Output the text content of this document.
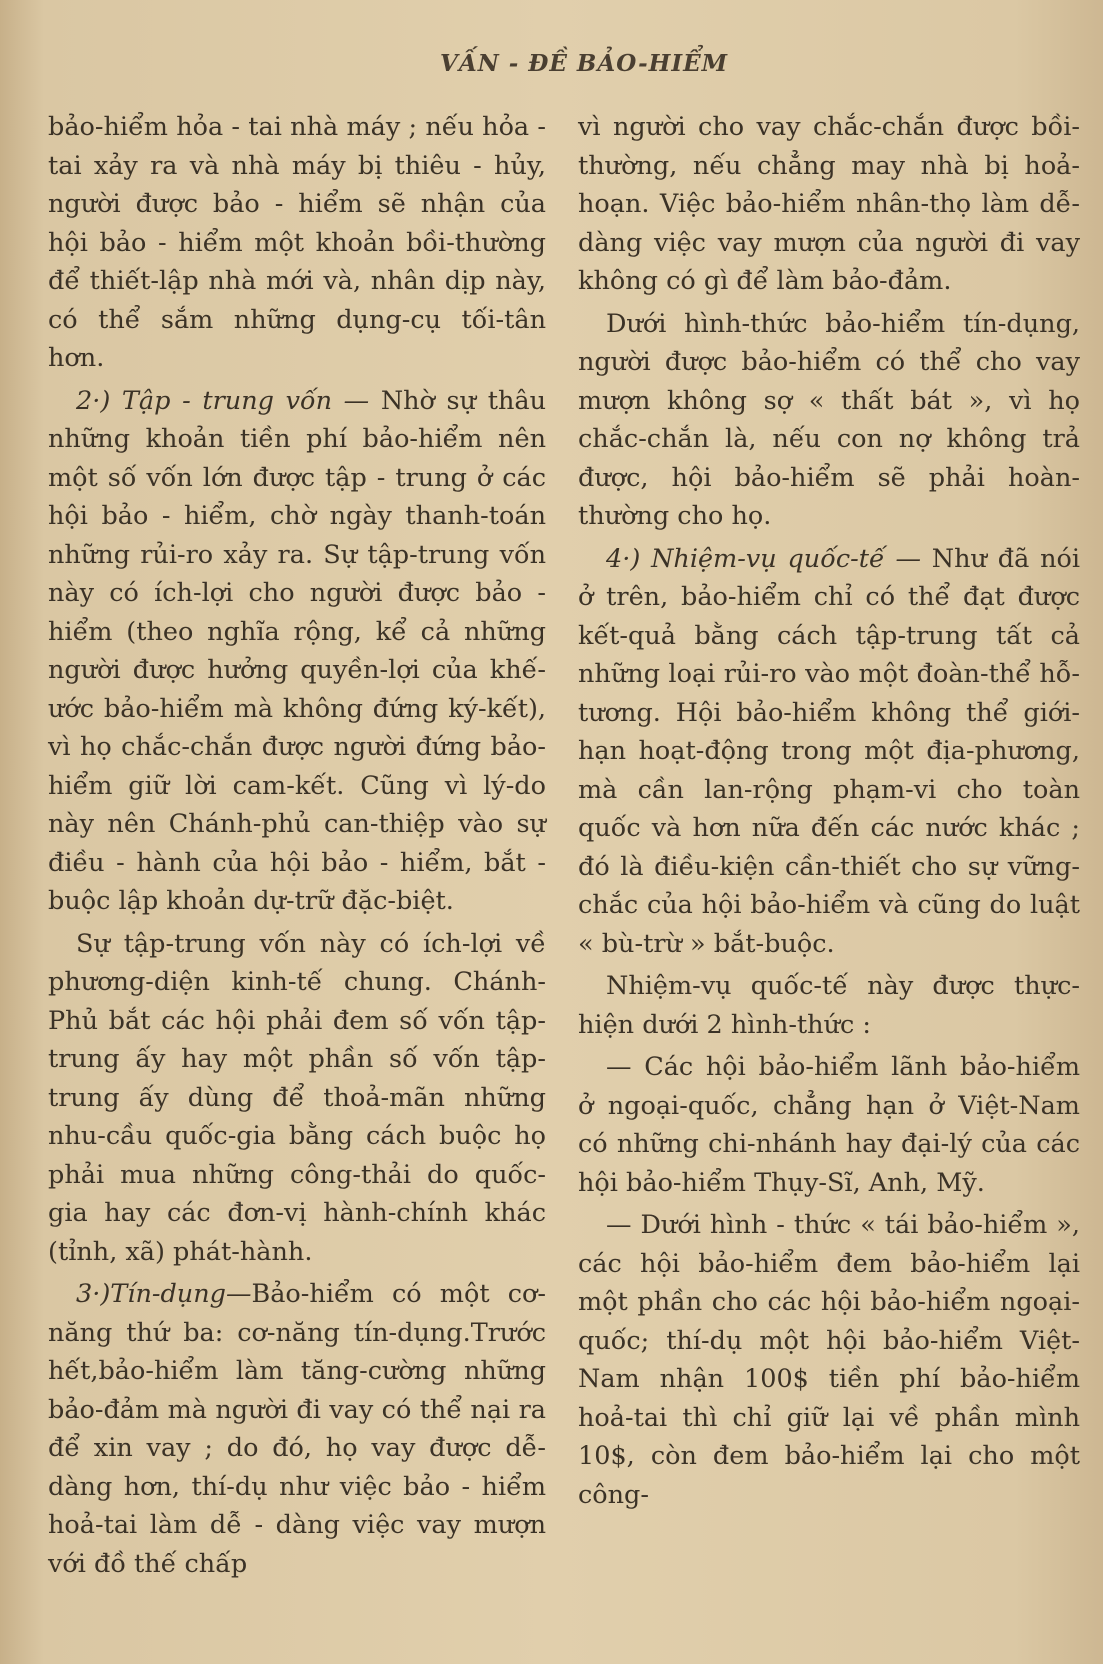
VẤN - ĐỀ BẢO-HIỂM

bảo-hiểm hỏa - tai nhà máy ; nếu hỏa - tai xảy ra và nhà máy bị thiêu - hủy, người được bảo - hiểm sẽ nhận của hội bảo - hiểm một khoản bồi-thường để thiết-lập nhà mới và, nhân dịp này, có thể sắm những dụng-cụ tối-tân hơn.

2·) Tập - trung vốn — Nhờ sự thâu những khoản tiền phí bảo-hiểm nên một số vốn lớn được tập - trung ở các hội bảo - hiểm, chờ ngày thanh-toán những rủi-ro xảy ra. Sự tập-trung vốn này có ích-lợi cho người được bảo - hiểm (theo nghĩa rộng, kể cả những người được hưởng quyền-lợi của khế-ước bảo-hiểm mà không đứng ký-kết), vì họ chắc-chắn được người đứng bảo-hiểm giữ lời cam-kết. Cũng vì lý-do này nên Chánh-phủ can-thiệp vào sự điều - hành của hội bảo - hiểm, bắt - buộc lập khoản dự-trữ đặc-biệt.

Sự tập-trung vốn này có ích-lợi về phương-diện kinh-tế chung. Chánh-Phủ bắt các hội phải đem số vốn tập-trung ấy hay một phần số vốn tập-trung ấy dùng để thoả-mãn những nhu-cầu quốc-gia bằng cách buộc họ phải mua những công-thải do quốc-gia hay các đơn-vị hành-chính khác (tỉnh, xã) phát-hành.

3·)Tín-dụng—Bảo-hiểm có một cơ-năng thứ ba: cơ-năng tín-dụng.Trước hết,bảo-hiểm làm tăng-cường những bảo-đảm mà người đi vay có thể nại ra để xin vay ; do đó, họ vay được dễ-dàng hơn, thí-dụ như việc bảo - hiểm hoả-tai làm dễ - dàng việc vay mượn với đồ thế chấp

vì người cho vay chắc-chắn được bồi-thường, nếu chẳng may nhà bị hoả-hoạn. Việc bảo-hiểm nhân-thọ làm dễ-dàng việc vay mượn của người đi vay không có gì để làm bảo-đảm.

Dưới hình-thức bảo-hiểm tín-dụng, người được bảo-hiểm có thể cho vay mượn không sợ « thất bát », vì họ chắc-chắn là, nếu con nợ không trả được, hội bảo-hiểm sẽ phải hoàn-thường cho họ.

4·) Nhiệm-vụ quốc-tế — Như đã nói ở trên, bảo-hiểm chỉ có thể đạt được kết-quả bằng cách tập-trung tất cả những loại rủi-ro vào một đoàn-thể hỗ-tương. Hội bảo-hiểm không thể giới-hạn hoạt-động trong một địa-phương, mà cần lan-rộng phạm-vi cho toàn quốc và hơn nữa đến các nước khác ; đó là điều-kiện cần-thiết cho sự vững-chắc của hội bảo-hiểm và cũng do luật « bù-trừ » bắt-buộc.

Nhiệm-vụ quốc-tế này được thực-hiện dưới 2 hình-thức :

— Các hội bảo-hiểm lãnh bảo-hiểm ở ngoại-quốc, chẳng hạn ở Việt-Nam có những chi-nhánh hay đại-lý của các hội bảo-hiểm Thụy-Sĩ, Anh, Mỹ.

— Dưới hình - thức « tái bảo-hiểm », các hội bảo-hiểm đem bảo-hiểm lại một phần cho các hội bảo-hiểm ngoại-quốc; thí-dụ một hội bảo-hiểm Việt-Nam nhận 100$ tiền phí bảo-hiểm hoả-tai thì chỉ giữ lại về phần mình 10$, còn đem bảo-hiểm lại cho một công-
